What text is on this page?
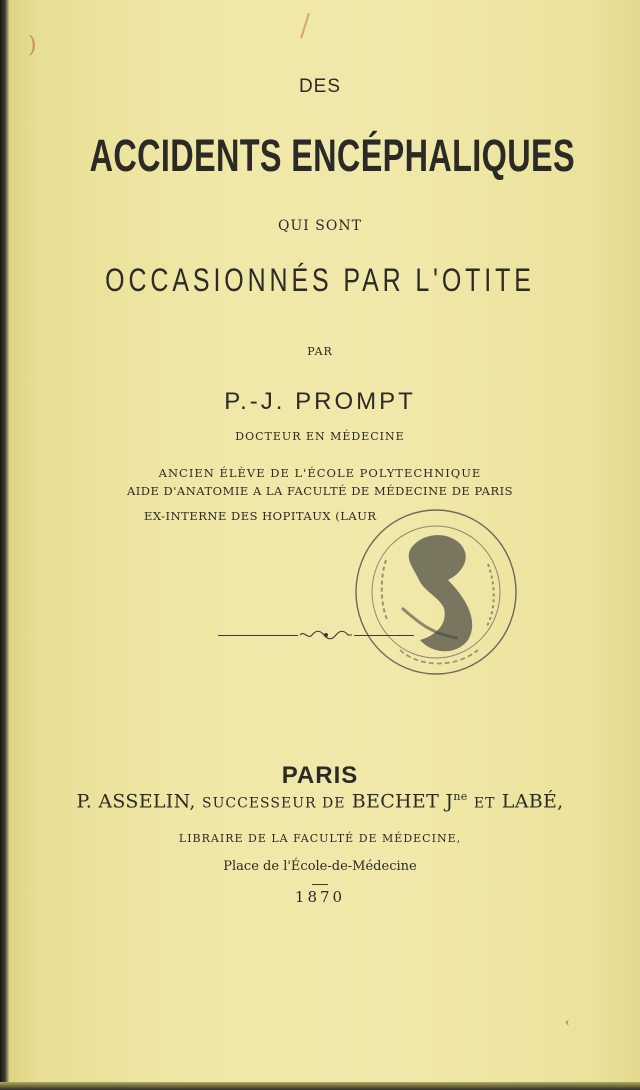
)
/
DES
ACCIDENTS ENCÉPHALIQUES
QUI SONT
OCCASIONNÉS PAR L'OTITE
PAR
P.-J. PROMPT
DOCTEUR EN MÉDECINE
ANCIEN ÉLÈVE DE L'ÉCOLE POLYTECHNIQUE
AIDE D'ANATOMIE A LA FACULTÉ DE MÉDECINE DE PARIS
EX-INTERNE DES HOPITAUX (LAUR
PARIS
P. ASSELIN, SUCCESSEUR DE BECHET $J^{ne}$ ET LABÉ,
LIBRAIRE DE LA FACULTÉ DE MÉDECINE,
Place de l'École-de-Médecine
1870
‹
